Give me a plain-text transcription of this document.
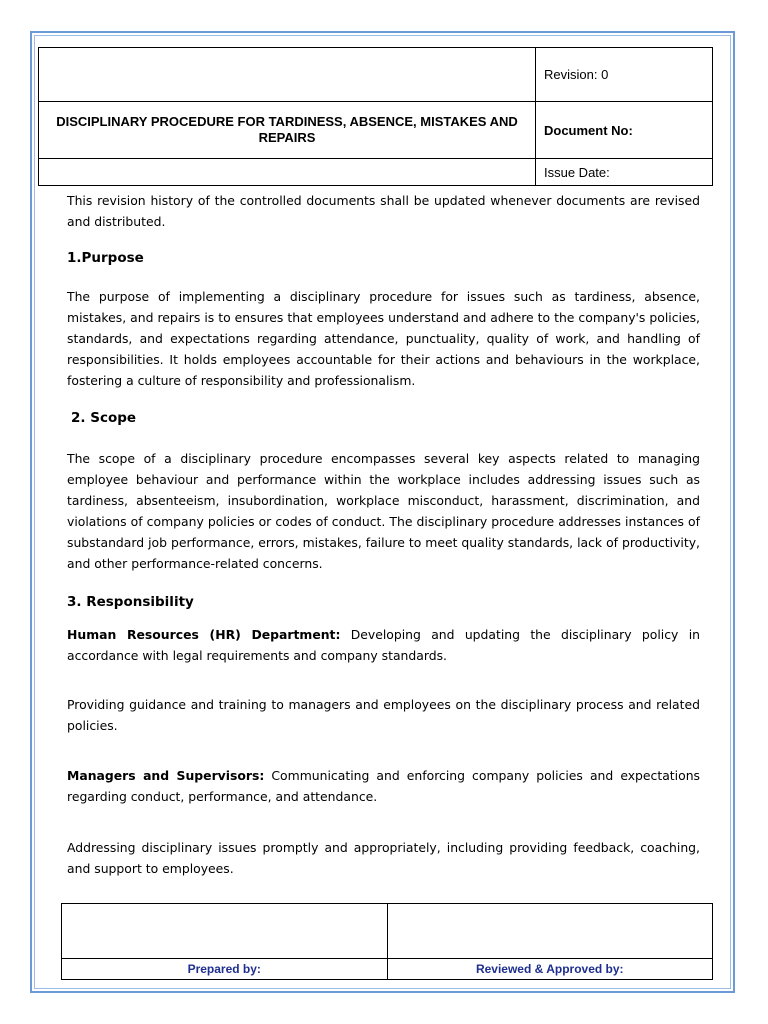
	Revision: 0
DISCIPLINARY PROCEDURE FOR TARDINESS, ABSENCE, MISTAKES AND REPAIRS	Document No:
	Issue Date:

This revision history of the controlled documents shall be updated whenever documents are revised and distributed.

1.Purpose

The purpose of implementing a disciplinary procedure for issues such as tardiness, absence, mistakes, and repairs is to ensures that employees understand and adhere to the company's policies, standards, and expectations regarding attendance, punctuality, quality of work, and handling of responsibilities. It holds employees accountable for their actions and behaviours in the workplace, fostering a culture of responsibility and professionalism.

2. Scope

The scope of a disciplinary procedure encompasses several key aspects related to managing employee behaviour and performance within the workplace includes addressing issues such as tardiness, absenteeism, insubordination, workplace misconduct, harassment, discrimination, and violations of company policies or codes of conduct. The disciplinary procedure addresses instances of substandard job performance, errors, mistakes, failure to meet quality standards, lack of productivity, and other performance-related concerns.

3. Responsibility

Human Resources (HR) Department: Developing and updating the disciplinary policy in accordance with legal requirements and company standards.

Providing guidance and training to managers and employees on the disciplinary process and related policies.

Managers and Supervisors: Communicating and enforcing company policies and expectations regarding conduct, performance, and attendance.

Addressing disciplinary issues promptly and appropriately, including providing feedback, coaching, and support to employees.

Prepared by:	Reviewed & Approved by:
